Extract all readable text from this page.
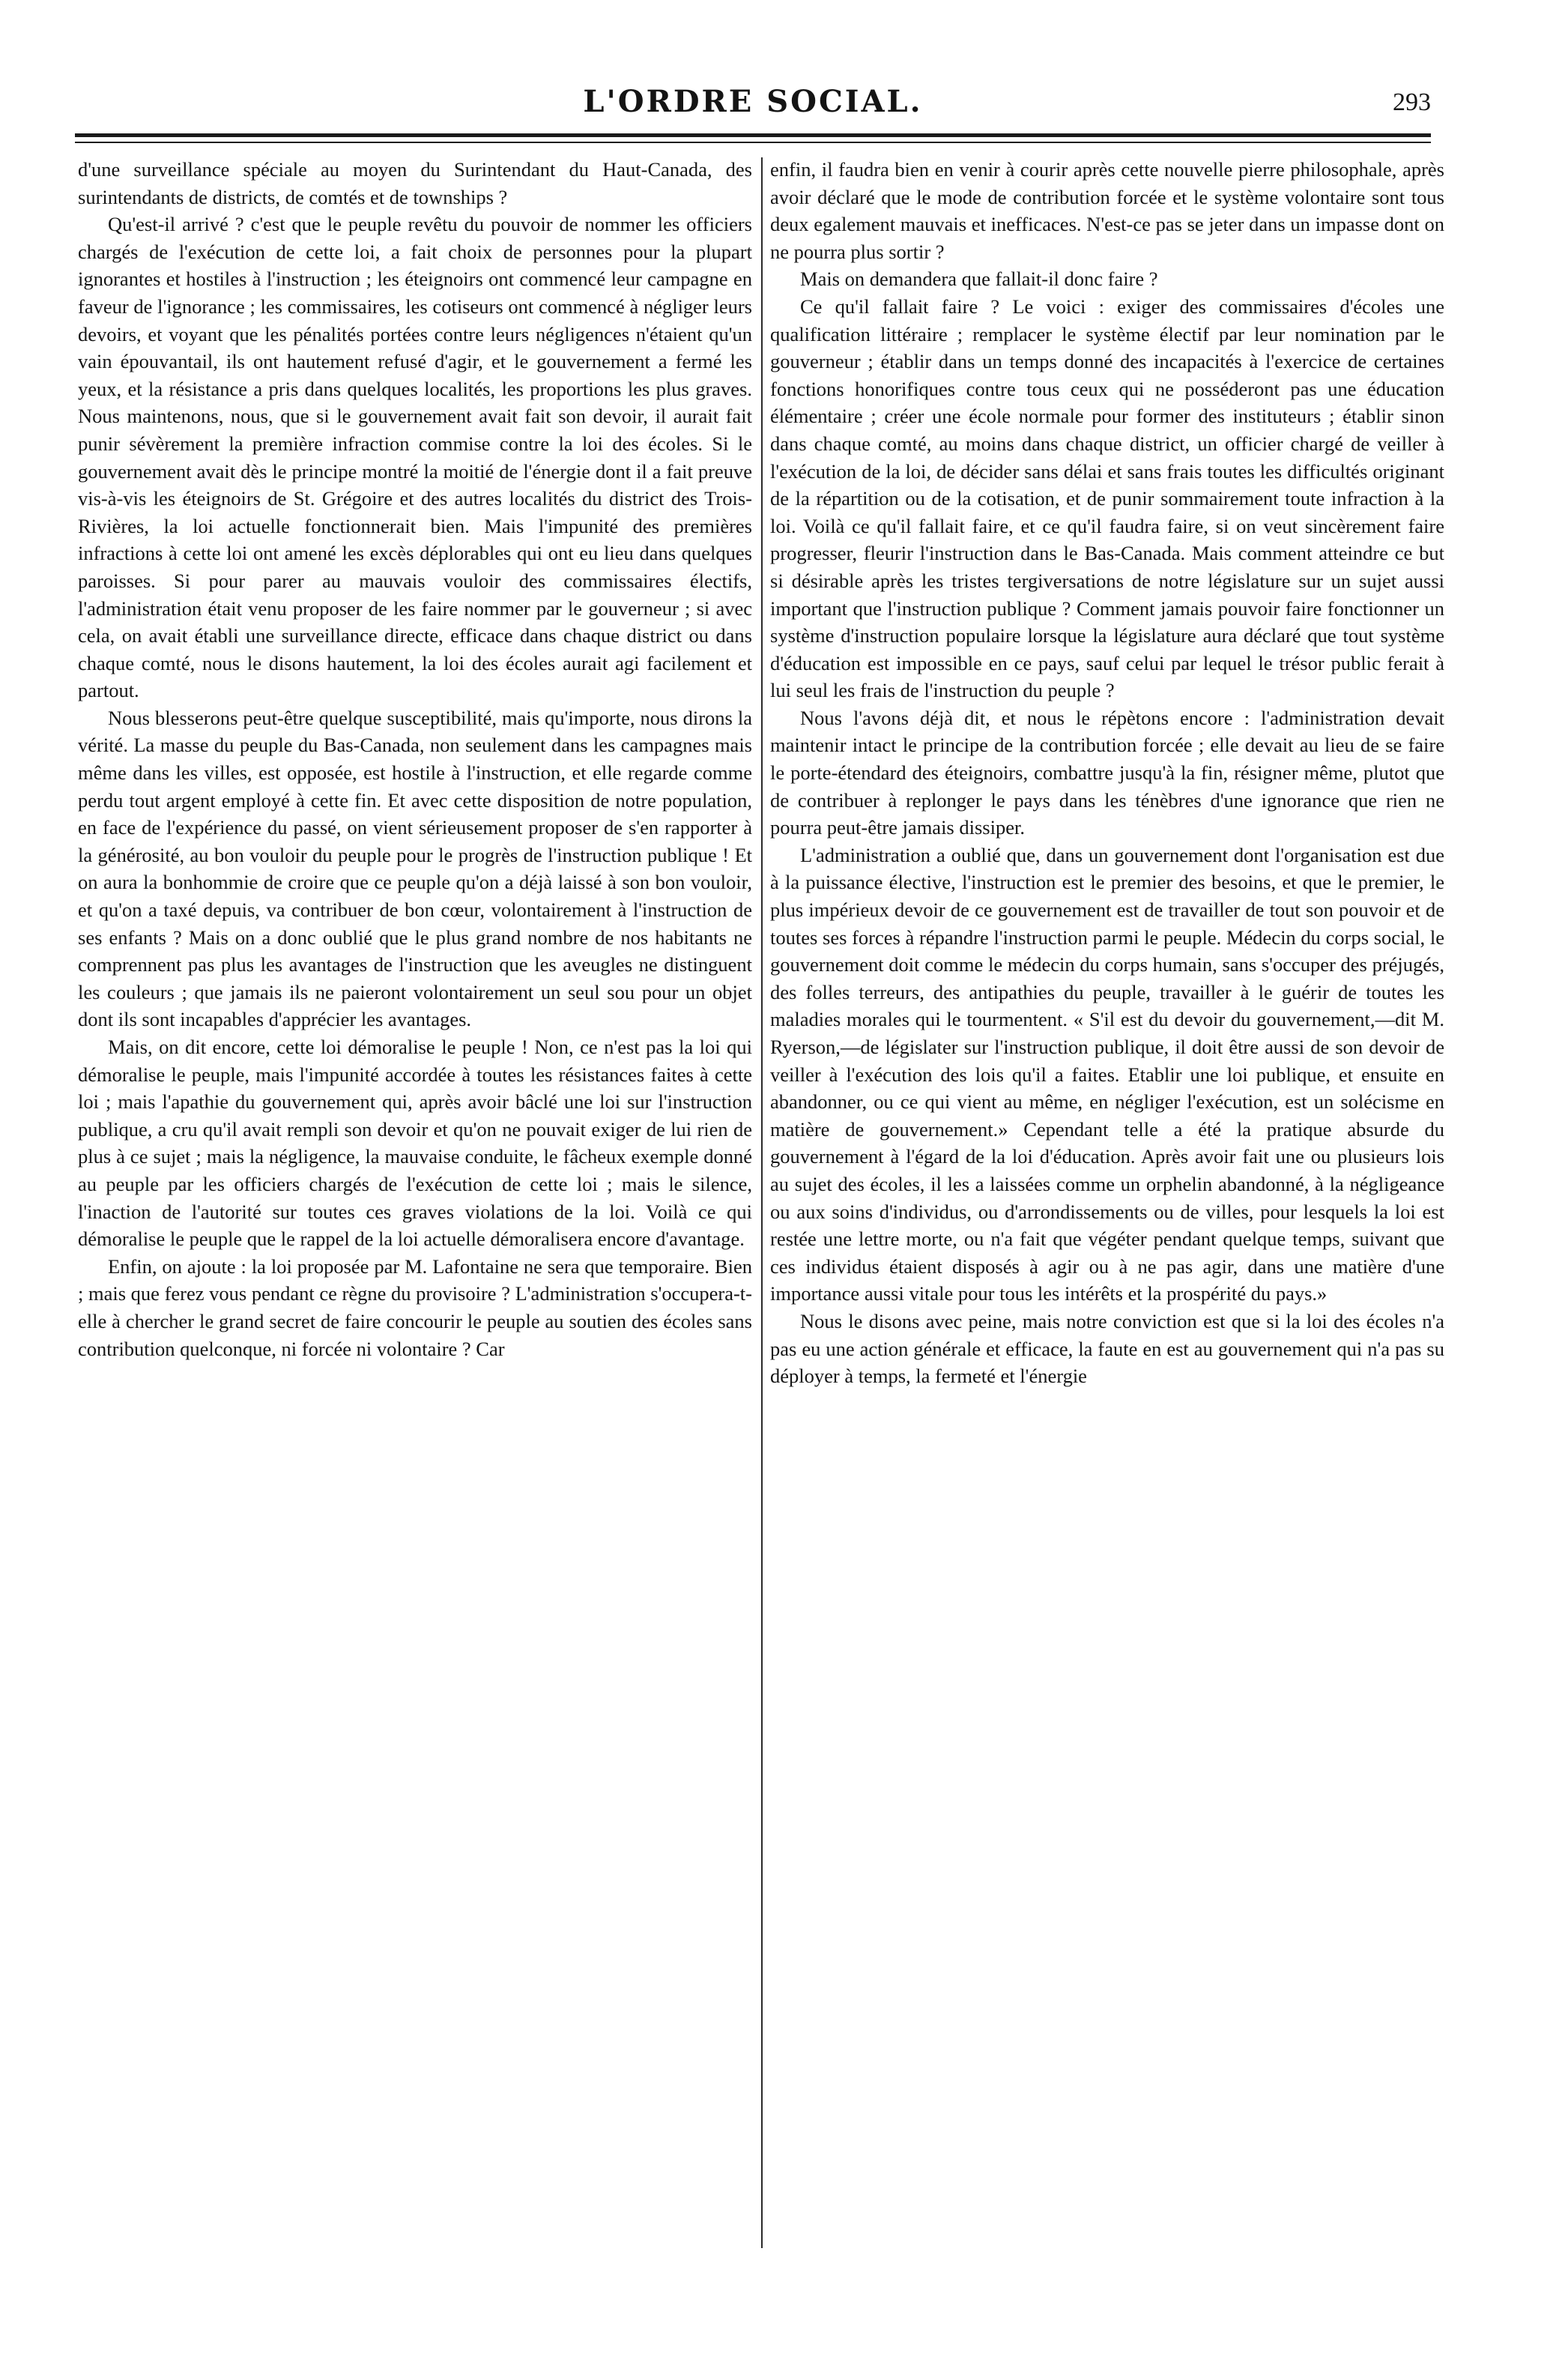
L'ORDRE SOCIAL.	293

d'une surveillance spéciale au moyen du Surintendant du Haut-Canada, des surintendants de districts, de comtés et de townships ?

Qu'est-il arrivé ? c'est que le peuple revêtu du pouvoir de nommer les officiers chargés de l'exécution de cette loi, a fait choix de personnes pour la plupart ignorantes et hostiles à l'instruction ; les éteignoirs ont commencé leur campagne en faveur de l'ignorance ; les commissaires, les cotiseurs ont commencé à négliger leurs devoirs, et voyant que les pénalités portées contre leurs négligences n'étaient qu'un vain épouvantail, ils ont hautement refusé d'agir, et le gouvernement a fermé les yeux, et la résistance a pris dans quelques localités, les proportions les plus graves. Nous maintenons, nous, que si le gouvernement avait fait son devoir, il aurait fait punir sévèrement la première infraction commise contre la loi des écoles. Si le gouvernement avait dès le principe montré la moitié de l'énergie dont il a fait preuve vis-à-vis les éteignoirs de St. Grégoire et des autres localités du district des Trois-Rivières, la loi actuelle fonctionnerait bien. Mais l'impunité des premières infractions à cette loi ont amené les excès déplorables qui ont eu lieu dans quelques paroisses. Si pour parer au mauvais vouloir des commissaires électifs, l'administration était venu proposer de les faire nommer par le gouverneur ; si avec cela, on avait établi une surveillance directe, efficace dans chaque district ou dans chaque comté, nous le disons hautement, la loi des écoles aurait agi facilement et partout.

Nous blesserons peut-être quelque susceptibilité, mais qu'importe, nous dirons la vérité. La masse du peuple du Bas-Canada, non seulement dans les campagnes mais même dans les villes, est opposée, est hostile à l'instruction, et elle regarde comme perdu tout argent employé à cette fin. Et avec cette disposition de notre population, en face de l'expérience du passé, on vient sérieusement proposer de s'en rapporter à la générosité, au bon vouloir du peuple pour le progrès de l'instruction publique ! Et on aura la bonhommie de croire que ce peuple qu'on a déjà laissé à son bon vouloir, et qu'on a taxé depuis, va contribuer de bon cœur, volontairement à l'instruction de ses enfants ? Mais on a donc oublié que le plus grand nombre de nos habitants ne comprennent pas plus les avantages de l'instruction que les aveugles ne distinguent les couleurs ; que jamais ils ne paieront volontairement un seul sou pour un objet dont ils sont incapables d'apprécier les avantages.

Mais, on dit encore, cette loi démoralise le peuple ! Non, ce n'est pas la loi qui démoralise le peuple, mais l'impunité accordée à toutes les résistances faites à cette loi ; mais l'apathie du gouvernement qui, après avoir bâclé une loi sur l'instruction publique, a cru qu'il avait rempli son devoir et qu'on ne pouvait exiger de lui rien de plus à ce sujet ; mais la négligence, la mauvaise conduite, le fâcheux exemple donné au peuple par les officiers chargés de l'exécution de cette loi ; mais le silence, l'inaction de l'autorité sur toutes ces graves violations de la loi. Voilà ce qui démoralise le peuple que le rappel de la loi actuelle démoralisera encore d'avantage.

Enfin, on ajoute : la loi proposée par M. Lafontaine ne sera que temporaire. Bien ; mais que ferez vous pendant ce règne du provisoire ? L'administration s'occupera-t-elle à chercher le grand secret de faire concourir le peuple au soutien des écoles sans contribution quelconque, ni forcée ni volontaire ? Car

enfin, il faudra bien en venir à courir après cette nouvelle pierre philosophale, après avoir déclaré que le mode de contribution forcée et le système volontaire sont tous deux egalement mauvais et inefficaces. N'est-ce pas se jeter dans un impasse dont on ne pourra plus sortir ?

Mais on demandera que fallait-il donc faire ?

Ce qu'il fallait faire ? Le voici : exiger des commissaires d'écoles une qualification littéraire ; remplacer le système électif par leur nomination par le gouverneur ; établir dans un temps donné des incapacités à l'exercice de certaines fonctions honorifiques contre tous ceux qui ne posséderont pas une éducation élémentaire ; créer une école normale pour former des instituteurs ; établir sinon dans chaque comté, au moins dans chaque district, un officier chargé de veiller à l'exécution de la loi, de décider sans délai et sans frais toutes les difficultés originant de la répartition ou de la cotisation, et de punir sommairement toute infraction à la loi. Voilà ce qu'il fallait faire, et ce qu'il faudra faire, si on veut sincèrement faire progresser, fleurir l'instruction dans le Bas-Canada. Mais comment atteindre ce but si désirable après les tristes tergiversations de notre législature sur un sujet aussi important que l'instruction publique ? Comment jamais pouvoir faire fonctionner un système d'instruction populaire lorsque la législature aura déclaré que tout système d'éducation est impossible en ce pays, sauf celui par lequel le trésor public ferait à lui seul les frais de l'instruction du peuple ?

Nous l'avons déjà dit, et nous le répètons encore : l'administration devait maintenir intact le principe de la contribution forcée ; elle devait au lieu de se faire le porte-étendard des éteignoirs, combattre jusqu'à la fin, résigner même, plutot que de contribuer à replonger le pays dans les ténèbres d'une ignorance que rien ne pourra peut-être jamais dissiper.

L'administration a oublié que, dans un gouvernement dont l'organisation est due à la puissance élective, l'instruction est le premier des besoins, et que le premier, le plus impérieux devoir de ce gouvernement est de travailler de tout son pouvoir et de toutes ses forces à répandre l'instruction parmi le peuple. Médecin du corps social, le gouvernement doit comme le médecin du corps humain, sans s'occuper des préjugés, des folles terreurs, des antipathies du peuple, travailler à le guérir de toutes les maladies morales qui le tourmentent. « S'il est du devoir du gouvernement,—dit M. Ryerson,—de législater sur l'instruction publique, il doit être aussi de son devoir de veiller à l'exécution des lois qu'il a faites. Etablir une loi publique, et ensuite en abandonner, ou ce qui vient au même, en négliger l'exécution, est un solécisme en matière de gouvernement.» Cependant telle a été la pratique absurde du gouvernement à l'égard de la loi d'éducation. Après avoir fait une ou plusieurs lois au sujet des écoles, il les a laissées comme un orphelin abandonné, à la négligeance ou aux soins d'individus, ou d'arrondissements ou de villes, pour lesquels la loi est restée une lettre morte, ou n'a fait que végéter pendant quelque temps, suivant que ces individus étaient disposés à agir ou à ne pas agir, dans une matière d'une importance aussi vitale pour tous les intérêts et la prospérité du pays.»

Nous le disons avec peine, mais notre conviction est que si la loi des écoles n'a pas eu une action générale et efficace, la faute en est au gouvernement qui n'a pas su déployer à temps, la fermeté et l'énergie
